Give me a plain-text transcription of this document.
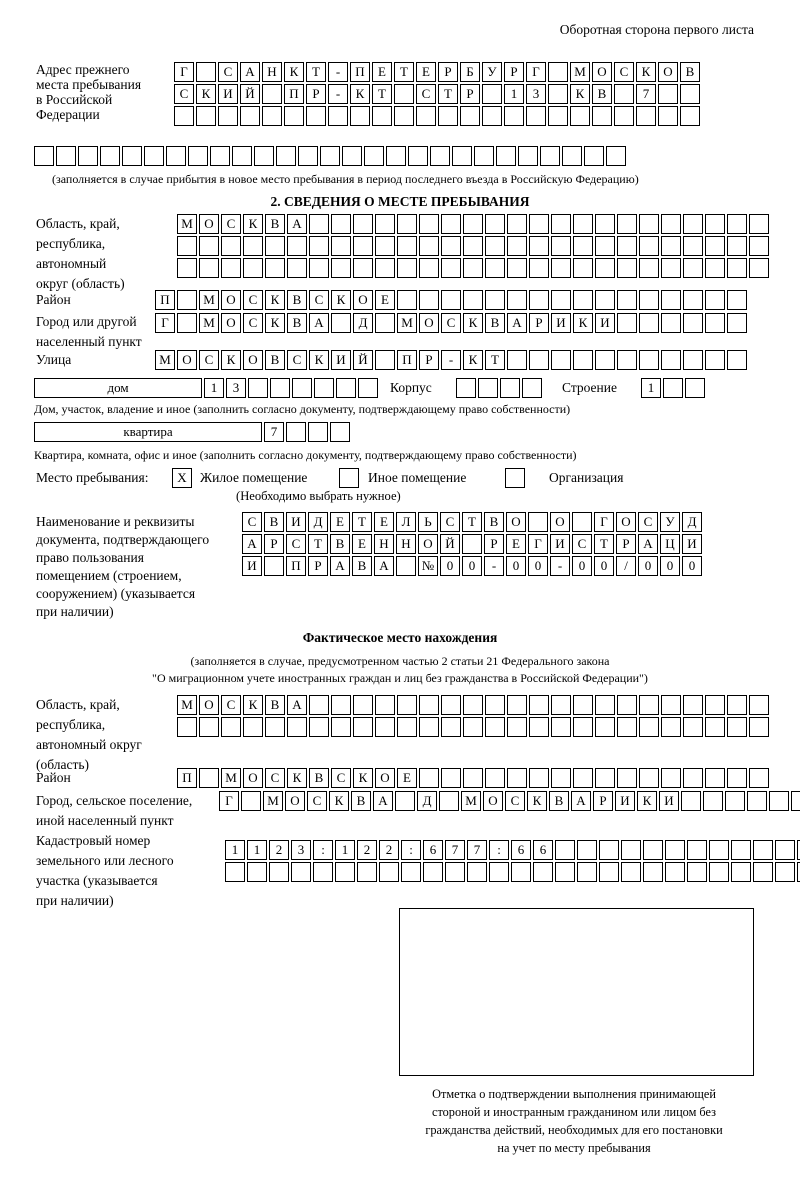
Оборотная сторона первого листа
Адрес прежнего
места пребывания
в Российской
Федерации
Г	С А Н К	Т	-	П	Е	Т	Е	Р	Б	У	Р	Г	М О С	К О В
С	К И Й	П	Р	-	К	Т	С	Т	Р	1	3	К	В	7
(заполняется в случае прибытия в новое место пребывания в период последнего въезда в Российскую Федерацию)
2. СВЕДЕНИЯ О МЕСТЕ ПРЕБЫВАНИЯ
Область, край,
республика,
автономный
округ (область)
М О С	К	В А
Район	П	М О С	К	В	С	К О	Е
Город или другой
населенный пункт
Г	М О С	К	В А	Д	М О С	К	В А	Р	И К И
Улица	М О С	К О В	С	К И Й	П	Р	-	К	Т
дом	1	3	Корпус	Строение	1
Дом, участок, владение и иное (заполнить согласно документу, подтверждающему право собственности)
квартира	7
Квартира, комната, офис и иное (заполнить согласно документу, подтверждающему право собственности)
Место пребывания:	Х Жилое помещение	Иное помещение	Организация
(Необходимо выбрать нужное)
Наименование и реквизиты
документа, подтверждающего
право пользования
помещением (строением,
сооружением) (указывается
при наличии)
С	В И Д	Е	Т	Е	Л	Ь	С	Т	В О	О	Г	О С	У Д
А	Р	С	Т	В	Е	Н Н О Й	Р	Е	Г	И С	Т	Р	А Ц И
И	П	Р	А В А	№ 0	0	-	0	0	-	0	0	/	0	0	0
Фактическое место нахождения
(заполняется в случае, предусмотренном частью 2 статьи 21 Федерального закона
"О миграционном учете иностранных граждан и лиц без гражданства в Российской Федерации")
Область, край,
республика,
автономный округ
(область)
М О С	К	В А
Район	П	М О С	К	В	С	К О	Е
Город, сельское поселение,
иной населенный пункт
Г	М О С	К	В А	Д	М О С	К	В А	Р	И К И
Кадастровый номер
земельного или лесного
участка (указывается
при наличии)
1	1	2	3	:	1	2	2	:	6	7	7	:	6	6
Отметка о подтверждении выполнения принимающей
стороной и иностранным гражданином или лицом без
гражданства действий, необходимых для его постановки
на учет по месту пребывания
